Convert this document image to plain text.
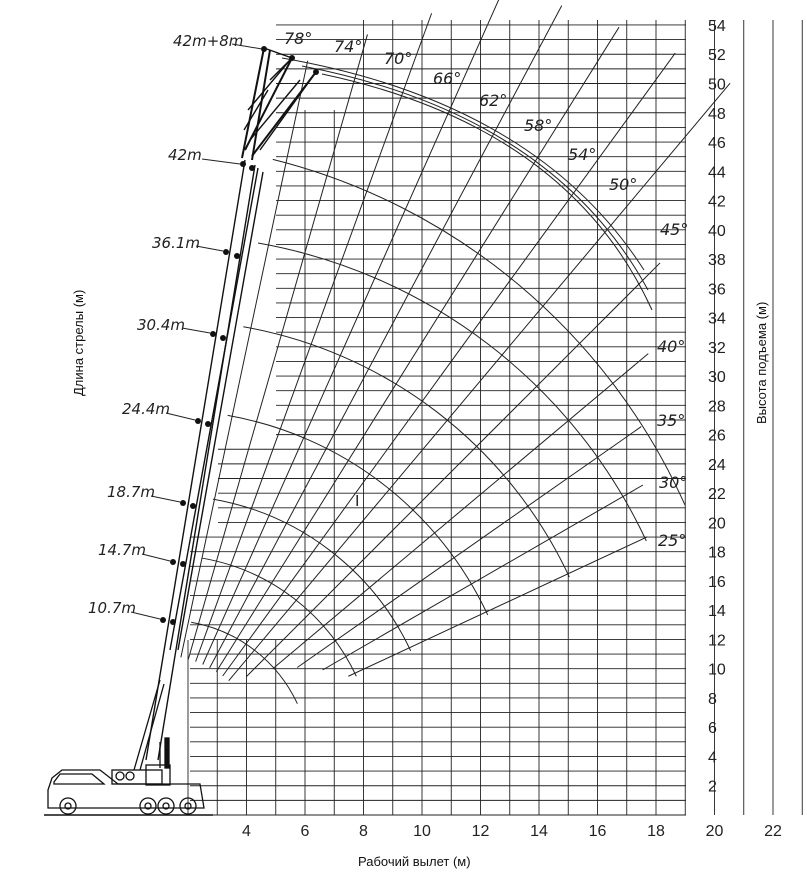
4	6	8	10	12	14	16	18	20	22
2
4
6
8
10
12
14
16
18
20
22
24
26
28
30
32
34
36
38
40
42
44
46
48
50
52
54
78° 74°
70°
66°
62°
58°
54°
50°
45°
40°
35°
30°
25°
42m+8m
42m
36.1m
30.4m
24.4m
18.7m
14.7m
10.7m
I
Рабочий вылет (м)
Длина стрелы (м)	Высота подъема (м)
